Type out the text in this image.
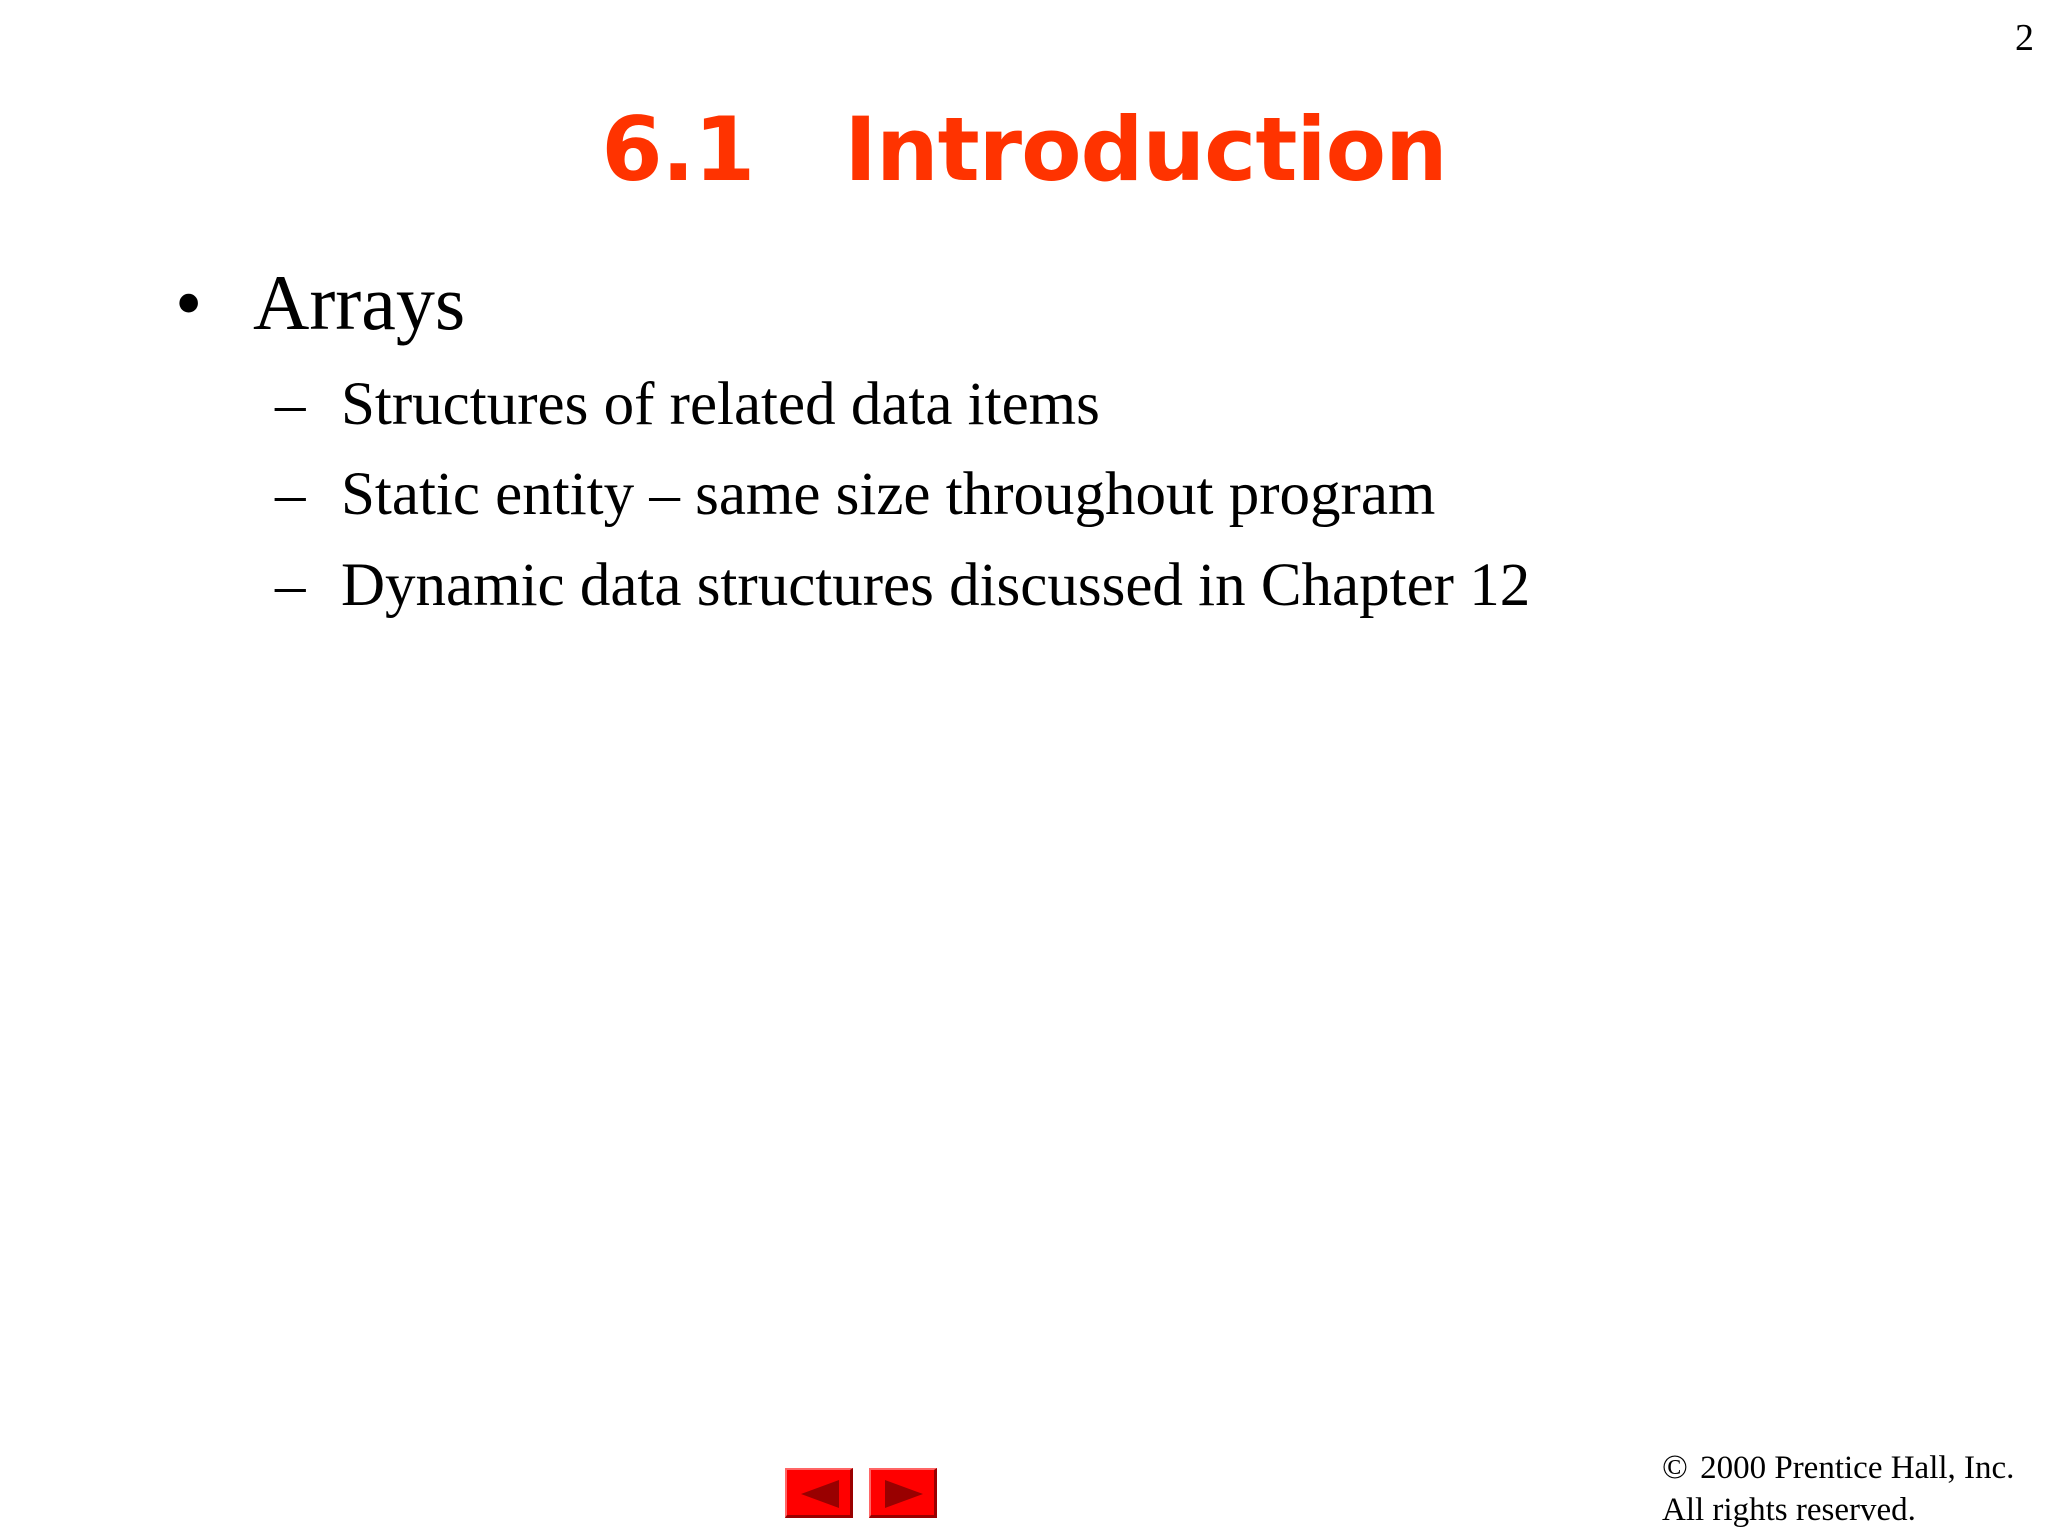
2
6.1 Introduction
• Arrays
– Structures of related data items
– Static entity – same size throughout program
– Dynamic data structures discussed in Chapter 12
© 2000 Prentice Hall, Inc.
All rights reserved.
